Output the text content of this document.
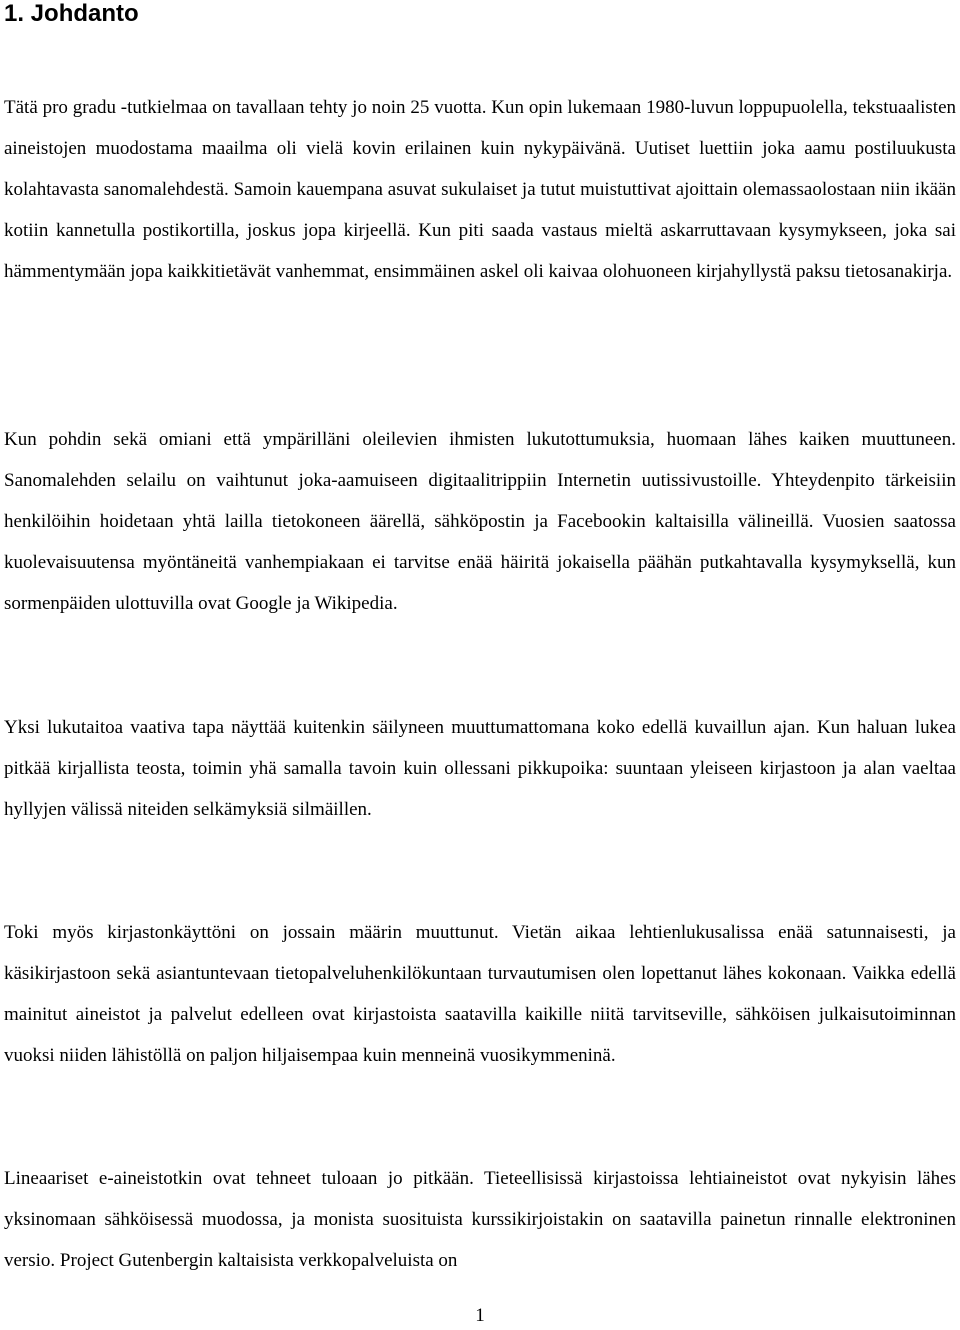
1. Johdanto

Tätä pro gradu -tutkielmaa on tavallaan tehty jo noin 25 vuotta. Kun opin lukemaan 1980-luvun loppupuolella, tekstuaalisten aineistojen muodostama maailma oli vielä kovin erilainen kuin nykypäivänä. Uutiset luettiin joka aamu postiluukusta kolahtavasta sanomalehdestä. Samoin kauempana asuvat sukulaiset ja tutut muistuttivat ajoittain olemassaolostaan niin ikään kotiin kannetulla postikortilla, joskus jopa kirjeellä. Kun piti saada vastaus mieltä askarruttavaan kysymykseen, joka sai hämmentymään jopa kaikkitietävät vanhemmat, ensimmäinen askel oli kaivaa olohuoneen kirjahyllystä paksu tietosanakirja.

Kun pohdin sekä omiani että ympärilläni oleilevien ihmisten lukutottumuksia, huomaan lähes kaiken muuttuneen. Sanomalehden selailu on vaihtunut joka-aamuiseen digitaalitrippiin Internetin uutissivustoille. Yhteydenpito tärkeisiin henkilöihin hoidetaan yhtä lailla tietokoneen äärellä, sähköpostin ja Facebookin kaltaisilla välineillä. Vuosien saatossa kuolevaisuutensa myöntäneitä vanhempiakaan ei tarvitse enää häiritä jokaisella päähän putkahtavalla kysymyksellä, kun sormenpäiden ulottuvilla ovat Google ja Wikipedia.

Yksi lukutaitoa vaativa tapa näyttää kuitenkin säilyneen muuttumattomana koko edellä kuvaillun ajan. Kun haluan lukea pitkää kirjallista teosta, toimin yhä samalla tavoin kuin ollessani pikkupoika: suuntaan yleiseen kirjastoon ja alan vaeltaa hyllyjen välissä niteiden selkämyksiä silmäillen.

Toki myös kirjastonkäyttöni on jossain määrin muuttunut. Vietän aikaa lehtienlukusalissa enää satunnaisesti, ja käsikirjastoon sekä asiantuntevaan tietopalveluhenkilökuntaan turvautumisen olen lopettanut lähes kokonaan. Vaikka edellä mainitut aineistot ja palvelut edelleen ovat kirjastoista saatavilla kaikille niitä tarvitseville, sähköisen julkaisutoiminnan vuoksi niiden lähistöllä on paljon hiljaisempaa kuin menneinä vuosikymmeninä.

Lineaariset e-aineistotkin ovat tehneet tuloaan jo pitkään. Tieteellisissä kirjastoissa lehtiaineistot ovat nykyisin lähes yksinomaan sähköisessä muodossa, ja monista suosituista kurssikirjoistakin on saatavilla painetun rinnalle elektroninen versio. Project Gutenbergin kaltaisista verkkopalveluista on

1
